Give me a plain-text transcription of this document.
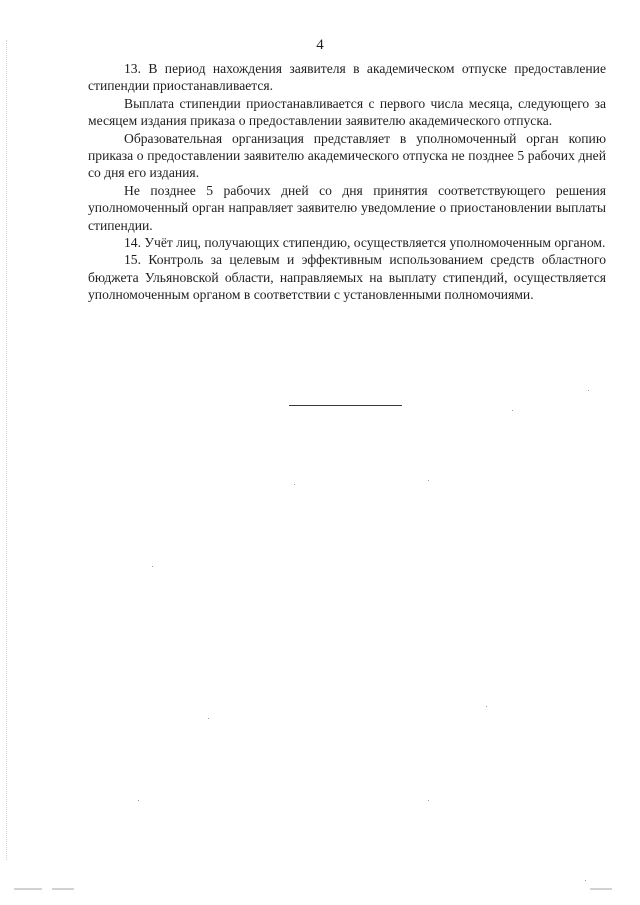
4

13. В период нахождения заявителя в академическом отпуске предоставление стипендии приостанавливается.

Выплата стипендии приостанавливается с первого числа месяца, следующего за месяцем издания приказа о предоставлении заявителю академического отпуска.

Образовательная организация представляет в уполномоченный орган копию приказа о предоставлении заявителю академического отпуска не позднее 5 рабочих дней со дня его издания.

Не позднее 5 рабочих дней со дня принятия соответствующего решения уполномоченный орган направляет заявителю уведомление о приостановлении выплаты стипендии.

14. Учёт лиц, получающих стипендию, осуществляется уполномоченным органом.

15. Контроль за целевым и эффективным использованием средств областного бюджета Ульяновской области, направляемых на выплату стипендий, осуществляется уполномоченным органом в соответствии с установленными полномочиями.
